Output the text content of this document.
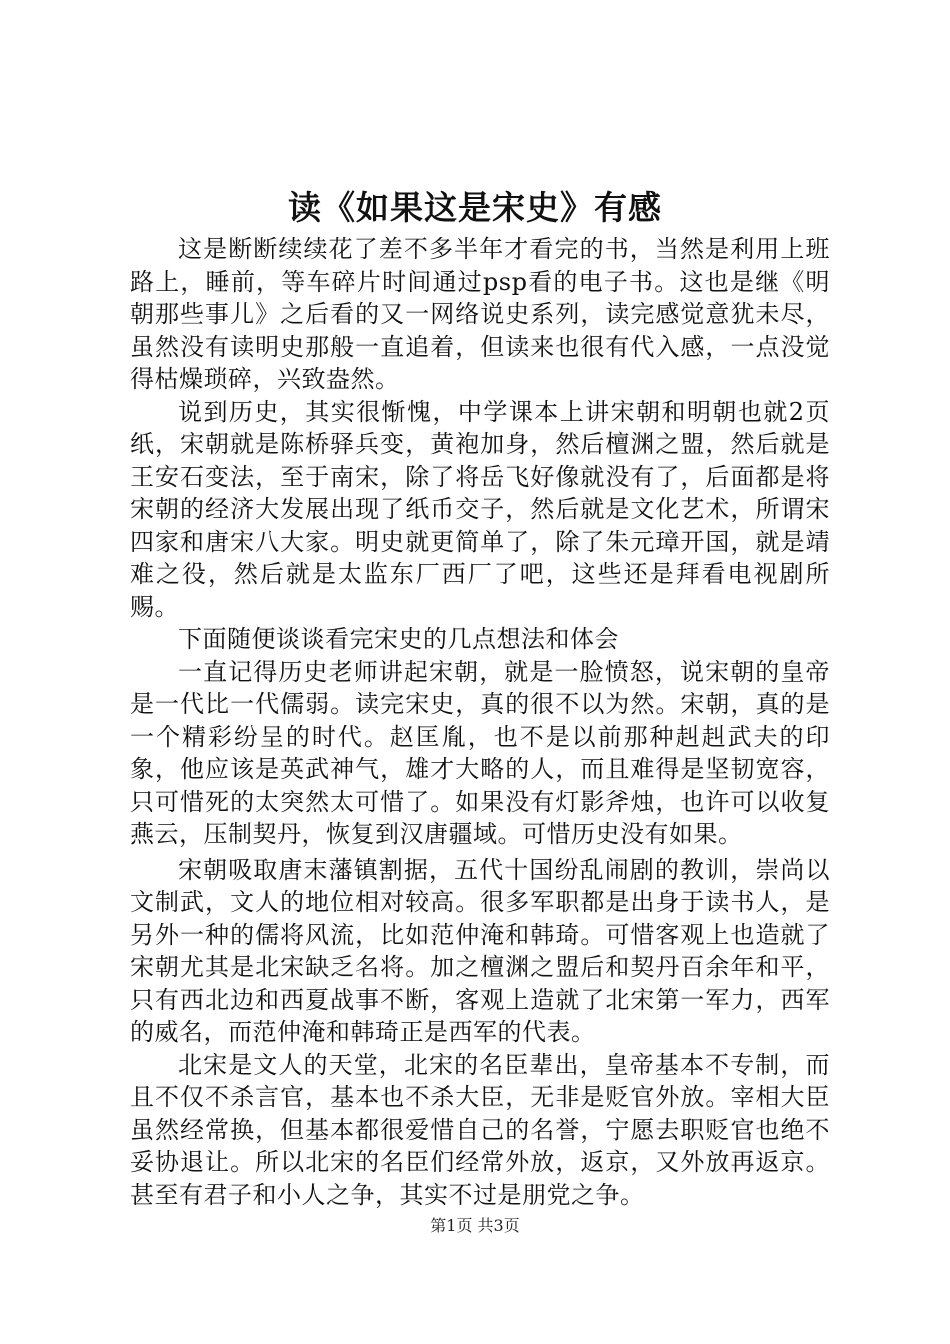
读《如果这是宋史》有感

这是断断续续花了差不多半年才看完的书，当然是利用上班路上，睡前，等车碎片时间通过psp看的电子书。这也是继《明朝那些事儿》之后看的又一网络说史系列，读完感觉意犹未尽，虽然没有读明史那般一直追着，但读来也很有代入感，一点没觉得枯燥琐碎，兴致盎然。

说到历史，其实很惭愧，中学课本上讲宋朝和明朝也就2页纸，宋朝就是陈桥驿兵变，黄袍加身，然后檀渊之盟，然后就是王安石变法，至于南宋，除了将岳飞好像就没有了，后面都是将宋朝的经济大发展出现了纸币交子，然后就是文化艺术，所谓宋四家和唐宋八大家。明史就更简单了，除了朱元璋开国，就是靖难之役，然后就是太监东厂西厂了吧，这些还是拜看电视剧所赐。

下面随便谈谈看完宋史的几点想法和体会

一直记得历史老师讲起宋朝，就是一脸愤怒，说宋朝的皇帝是一代比一代儒弱。读完宋史，真的很不以为然。宋朝，真的是一个精彩纷呈的时代。赵匡胤，也不是以前那种赳赳武夫的印象，他应该是英武神气，雄才大略的人，而且难得是坚韧宽容，只可惜死的太突然太可惜了。如果没有灯影斧烛，也许可以收复燕云，压制契丹，恢复到汉唐疆域。可惜历史没有如果。

宋朝吸取唐末藩镇割据，五代十国纷乱闹剧的教训，崇尚以文制武，文人的地位相对较高。很多军职都是出身于读书人，是另外一种的儒将风流，比如范仲淹和韩琦。可惜客观上也造就了宋朝尤其是北宋缺乏名将。加之檀渊之盟后和契丹百余年和平，只有西北边和西夏战事不断，客观上造就了北宋第一军力，西军的威名，而范仲淹和韩琦正是西军的代表。

北宋是文人的天堂，北宋的名臣辈出，皇帝基本不专制，而且不仅不杀言官，基本也不杀大臣，无非是贬官外放。宰相大臣虽然经常换，但基本都很爱惜自己的名誉，宁愿去职贬官也绝不妥协退让。所以北宋的名臣们经常外放，返京，又外放再返京。甚至有君子和小人之争，其实不过是朋党之争。

第1页 共3页
